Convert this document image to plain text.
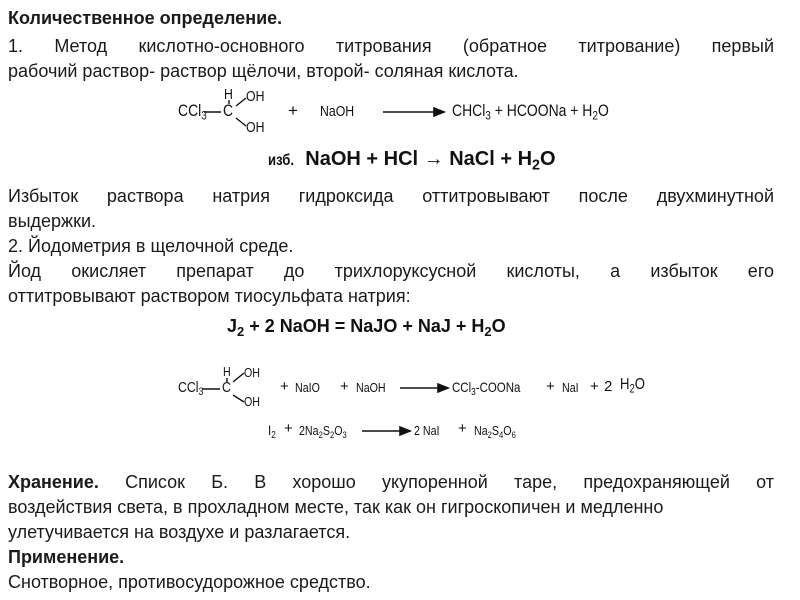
Количественное определение.
1. Метод кислотно-основного титрования (обратное титрование) первый
рабочий раствор- раствор щёлочи, второй- соляная кислота.
CCl$_3$
H
C
OH
OH
+ NaOH	CHCl$_3$ + HCOONa + $H_2O$
изб. NaOH + HCl → NaCl + $H_2O$
Избыток раствора натрия гидроксида оттитровывают после двухминутной
выдержки.
2. Йодометрия в щелочной среде.
Йод окисляет препарат до трихлоруксусной кислоты, а избыток его
оттитровывают раствором тиосульфата натрия:
$J_2 + 2$ NaOH = NaJO + NaJ + $H_2O$
CCl$_3$
H
C
OH
OH
+ NaIO + NaOH	CCl$_3$-COONa + NaI + 2 $H_2O$
$I_2 + 2Na_2S_2O_3$	2 NaI + $Na_2S_4O_6$
Хранение. Список Б. В хорошо укупоренной таре, предохраняющей от
воздействия света, в прохладном месте, так как он гигроскопичен и медленно
улетучивается на воздухе и разлагается.
Применение.
Снотворное, противосудорожное средство.
